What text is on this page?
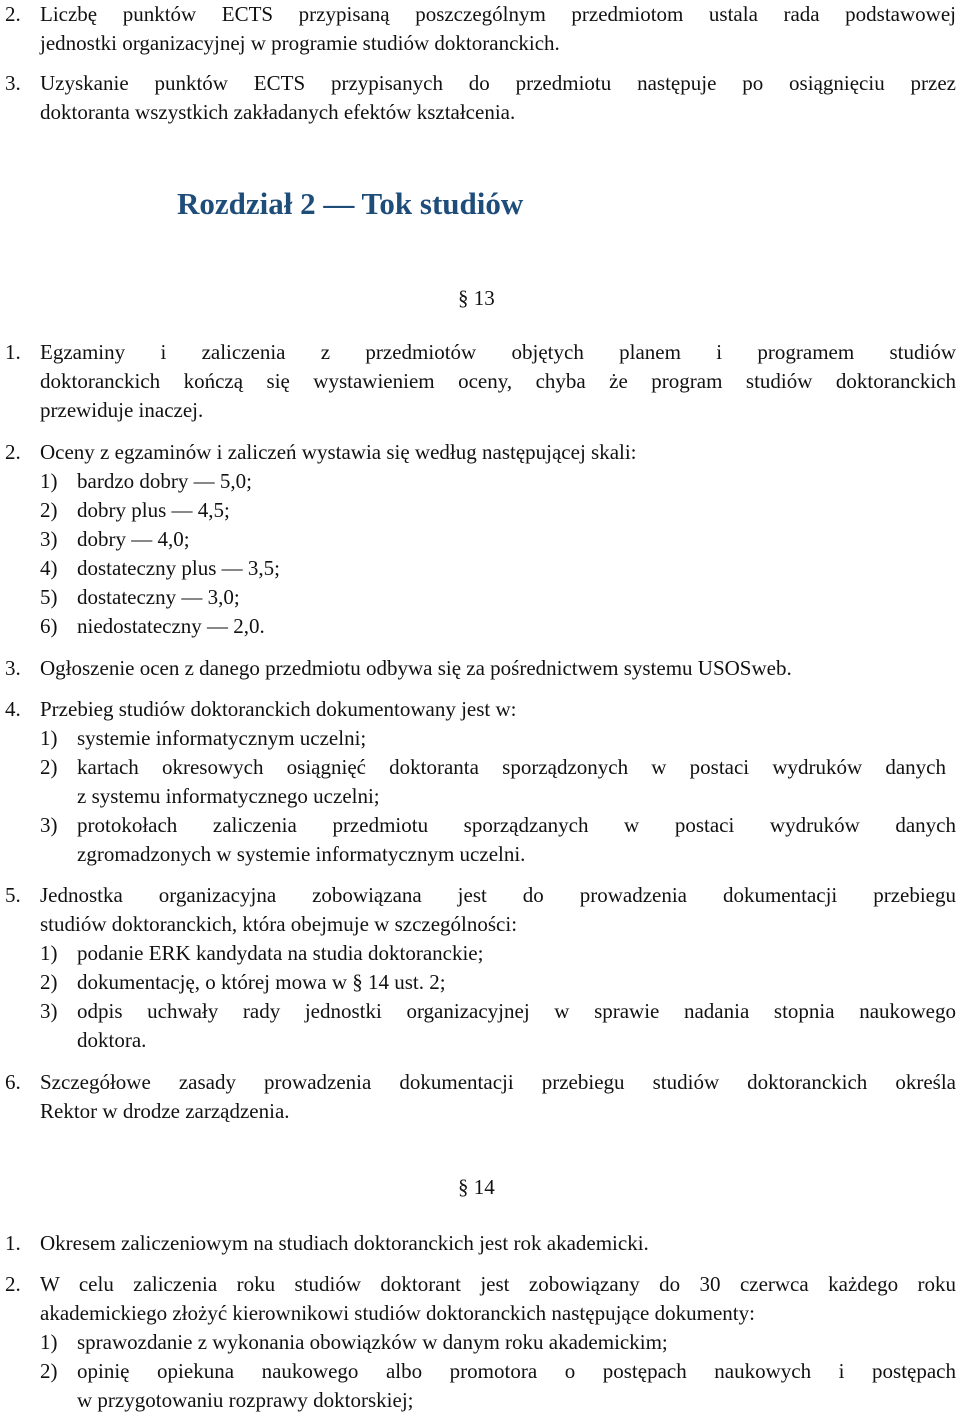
2. Liczbę punktów ECTS przypisaną poszczególnym przedmiotom ustala rada podstawowej
jednostki organizacyjnej w programie studiów doktoranckich.
3. Uzyskanie punktów ECTS przypisanych do przedmiotu następuje po osiągnięciu przez
doktoranta wszystkich zakładanych efektów kształcenia.
Rozdział 2 — Tok studiów
§ 13
1. Egzaminy i zaliczenia z przedmiotów objętych planem i programem studiów
doktoranckich kończą się wystawieniem oceny, chyba że program studiów doktoranckich
przewiduje inaczej.
2. Oceny z egzaminów i zaliczeń wystawia się według następującej skali:
1) bardzo dobry — 5,0;
2) dobry plus — 4,5;
3) dobry — 4,0;
4) dostateczny plus — 3,5;
5) dostateczny — 3,0;
6) niedostateczny — 2,0.
3. Ogłoszenie ocen z danego przedmiotu odbywa się za pośrednictwem systemu USOSweb.
4. Przebieg studiów doktoranckich dokumentowany jest w:
1) systemie informatycznym uczelni;
2) kartach okresowych osiągnięć doktoranta sporządzonych w postaci wydruków danych
z systemu informatycznego uczelni;
3) protokołach zaliczenia przedmiotu sporządzanych w postaci wydruków danych
zgromadzonych w systemie informatycznym uczelni.
5. Jednostka organizacyjna zobowiązana jest do prowadzenia dokumentacji przebiegu
studiów doktoranckich, która obejmuje w szczególności:
1) podanie ERK kandydata na studia doktoranckie;
2) dokumentację, o której mowa w § 14 ust. 2;
3) odpis uchwały rady jednostki organizacyjnej w sprawie nadania stopnia naukowego
doktora.
6. Szczegółowe zasady prowadzenia dokumentacji przebiegu studiów doktoranckich określa
Rektor w drodze zarządzenia.
§ 14
1. Okresem zaliczeniowym na studiach doktoranckich jest rok akademicki.
2. W celu zaliczenia roku studiów doktorant jest zobowiązany do 30 czerwca każdego roku
akademickiego złożyć kierownikowi studiów doktoranckich następujące dokumenty:
1) sprawozdanie z wykonania obowiązków w danym roku akademickim;
2) opinię opiekuna naukowego albo promotora o postępach naukowych i postępach
w przygotowaniu rozprawy doktorskiej;
